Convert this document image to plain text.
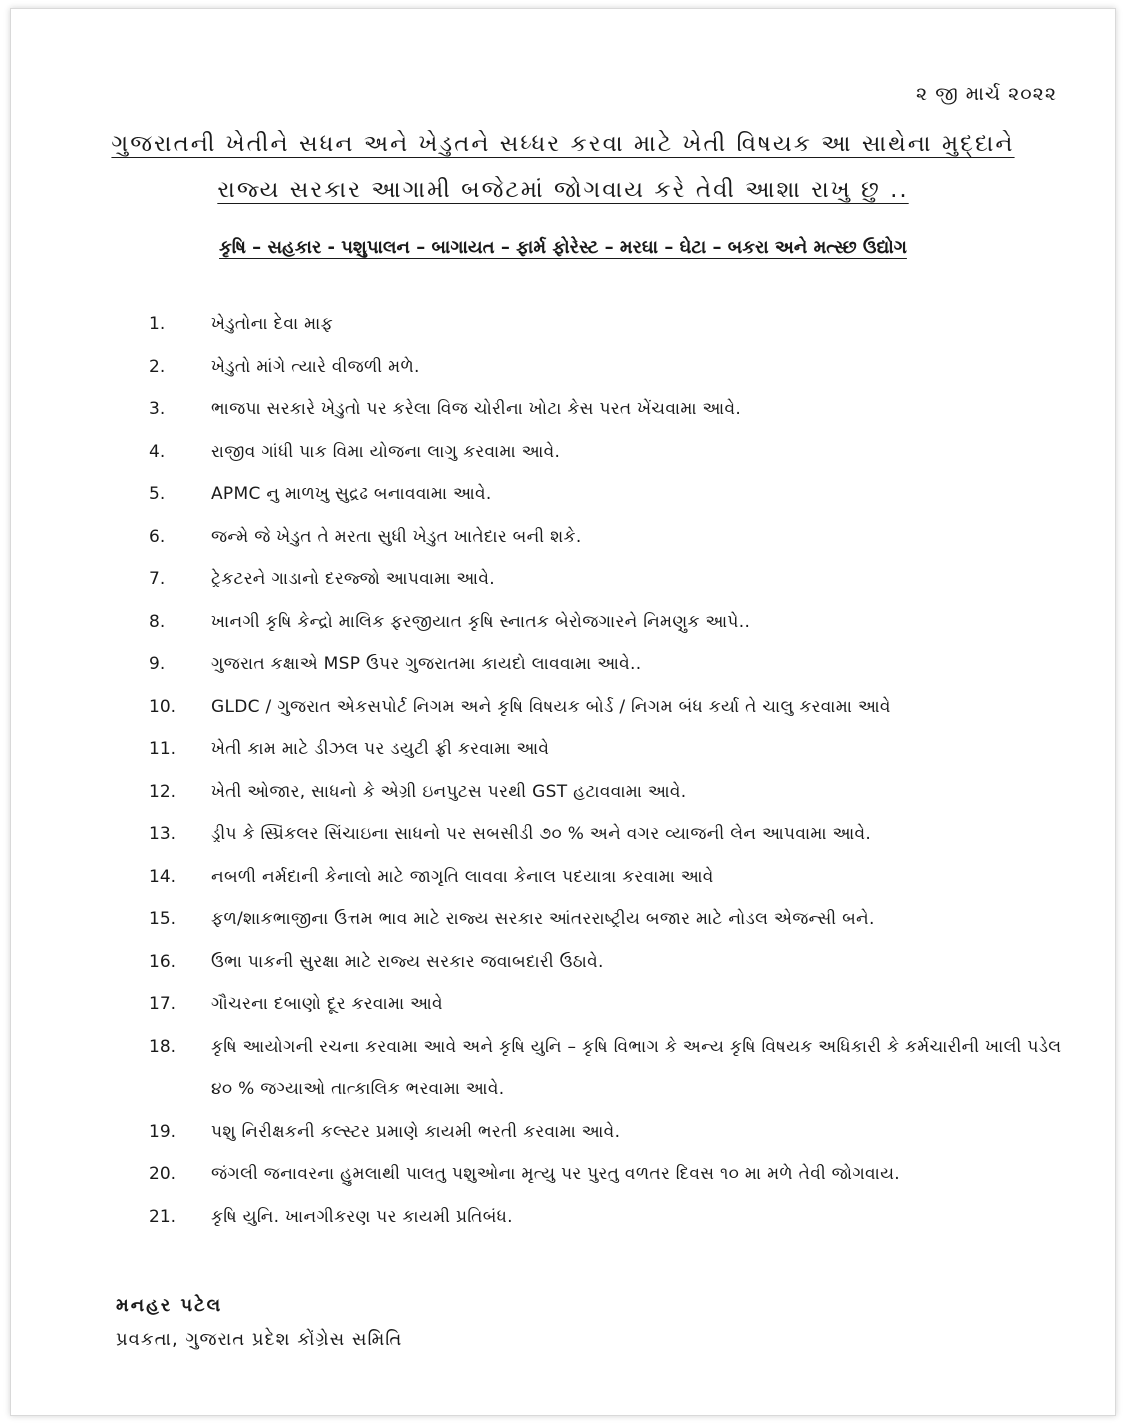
૨ જી માર્ચ ૨૦૨૨
ગુજરાતની ખેતીને સધન અને ખેડુતને સધ્ધર કરવા માટે ખેતી વિષયક આ સાથેના મુદ્દાને
રાજ્ય સરકાર આગામી બજેટમાં જોગવાય કરે તેવી આશા રાખુ છુ ..
કૃષિ – સહકાર - પશુપાલન – બાગાયત – ફાર્મ ફોરેસ્ટ – મરઘા – ઘેટા – બકરા અને મત્સ્છ ઉદ્યોગ
1.	ખેડુતોના દેવા માફ
2.	ખેડુતો માંગે ત્યારે વીજળી મળે.
3.	ભાજપા સરકારે ખેડુતો પર કરેલા વિજ ચોરીના ખોટા કેસ પરત ખેંચવામા આવે.
4.	રાજીવ ગાંધી પાક વિમા યોજના લાગુ કરવામા આવે.
5.	APMC નુ માળખુ સુદ્રઢ બનાવવામા આવે.
6.	જન્મે જે ખેડુત તે મરતા સુધી ખેડુત ખાતેદાર બની શકે.
7.	ટ્રેકટરને ગાડાનો દરજ્જો આપવામા આવે.
8.	ખાનગી કૃષિ કેન્દ્રો માલિક ફરજીયાત કૃષિ સ્નાતક બેરોજગારને નિમણુક આપે..
9.	ગુજરાત કક્ષાએ MSP ઉપર ગુજરાતમા કાયદો લાવવામા આવે..
10.	GLDC / ગુજરાત એકસપોર્ટ નિગમ અને કૃષિ વિષયક બોર્ડ / નિગમ બંધ કર્યા તે ચાલુ કરવામા આવે
11.	ખેતી કામ માટે ડીઝલ પર ડયુટી ફ્રી કરવામા આવે
12.	ખેતી ઓજાર, સાધનો કે એગ્રી ઇનપુટસ પરથી GST હટાવવામા આવે.
13.	ડ્રીપ કે સ્પ્રિંકલર સિંચાઇના સાધનો પર સબસીડી ૭૦ % અને વગર વ્યાજની લેન આપવામા આવે.
14.	નબળી નર્મદાની કેનાલો માટે જાગૃતિ લાવવા કેનાલ પદયાત્રા કરવામા આવે
15.	ફળ/શાકભાજીના ઉત્તમ ભાવ માટે રાજ્ય સરકાર આંતરરાષ્ટ્રીય બજાર માટે નોડલ એજન્સી બને.
16.	ઉભા પાકની સુરક્ષા માટે રાજ્ય સરકાર જવાબદારી ઉઠાવે.
17.	ગૌચરના દબાણો દૂર કરવામા આવે
18.	કૃષિ આયોગની રચના કરવામા આવે અને કૃષિ યુનિ – કૃષિ વિભાગ કે અન્ય કૃષિ વિષયક અધિકારી કે કર્મચારીની ખાલી પડેલ ૪૦ % જગ્યાઓ તાત્કાલિક ભરવામા આવે.
19.	પશુ નિરીક્ષકની કલ્સ્ટર પ્રમાણે કાયમી ભરતી કરવામા આવે.
20.	જંગલી જનાવરના હુમલાથી પાલતુ પશુઓના મૃત્યુ પર પુરતુ વળતર દિવસ ૧૦ મા મળે તેવી જોગવાય.
21.	કૃષિ યુનિ. ખાનગીકરણ પર કાયમી પ્રતિબંધ.
મનહર પટેલ
પ્રવકતા, ગુજરાત પ્રદેશ કોંગ્રેસ સમિતિ
